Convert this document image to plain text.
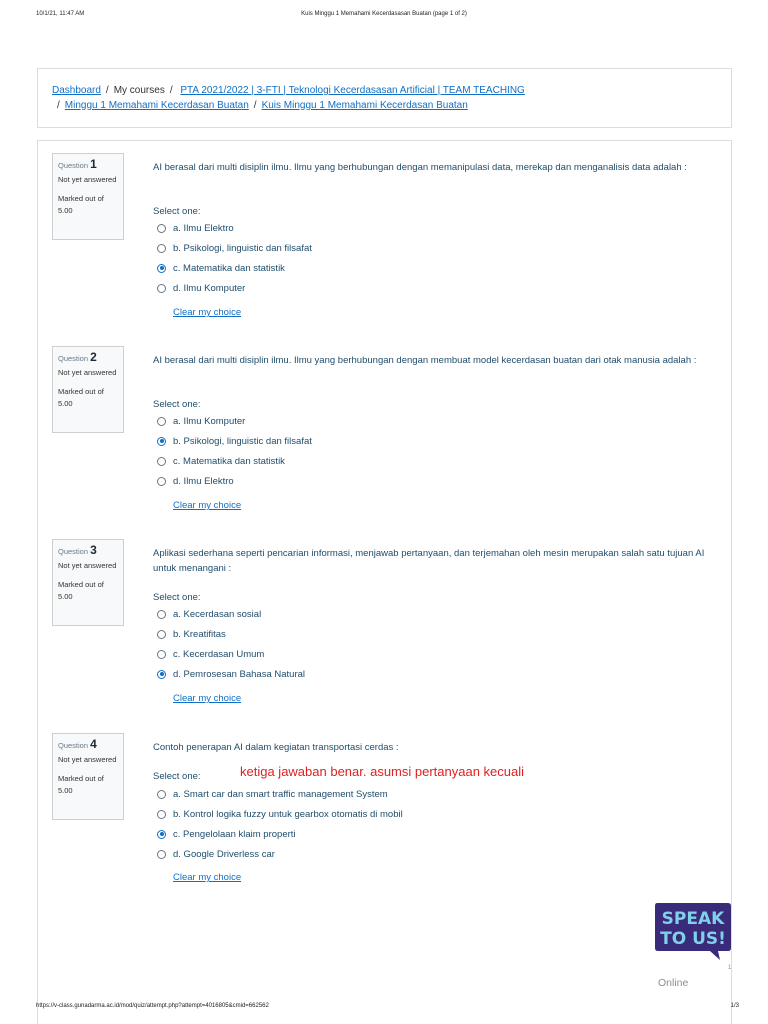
10/1/21, 11:47 AM	Kuis Minggu 1 Memahami Kecerdasasan Buatan (page 1 of 2)
Dashboard / My courses / PTA 2021/2022 | 3-FTI | Teknologi Kecerdasasan Artificial | TEAM TEACHING
/ Minggu 1 Memahami Kecerdasan Buatan / Kuis Minggu 1 Memahami Kecerdasan Buatan
Question 1
Not yet answered
Marked out of 5.00
AI berasal dari multi disiplin ilmu. Ilmu yang berhubungan dengan memanipulasi data, merekap dan menganalisis data adalah :
Select one:
a. Ilmu Elektro
b. Psikologi, linguistic dan filsafat
c. Matematika dan statistik
d. Ilmu Komputer
Clear my choice
Question 2
Not yet answered
Marked out of 5.00
AI berasal dari multi disiplin ilmu. Ilmu yang berhubungan dengan membuat model kecerdasan buatan dari otak manusia adalah :
Select one:
a. Ilmu Komputer
b. Psikologi, linguistic dan filsafat
c. Matematika dan statistik
d. Ilmu Elektro
Clear my choice
Question 3
Not yet answered
Marked out of 5.00
Aplikasi sederhana seperti pencarian informasi, menjawab pertanyaan, dan terjemahan oleh mesin merupakan salah satu tujuan AI untuk menangani :
Select one:
a. Kecerdasan sosial
b. Kreatifitas
c. Kecerdasan Umum
d. Pemrosesan Bahasa Natural
Clear my choice
Question 4
Not yet answered
Marked out of 5.00
Contoh penerapan AI dalam kegiatan transportasi cerdas :
Select one:
a. Smart car dan smart traffic management System
b. Kontrol logika fuzzy untuk gearbox otomatis di mobil
c. Pengelolaan klaim properti
d. Google Driverless car
Clear my choice
ketiga jawaban benar. asumsi pertanyaan kecuali
SPEAK
TO US!
1
Online
https://v-class.gunadarma.ac.id/mod/quiz/attempt.php?attempt=4016805&cmid=662562	1/3
